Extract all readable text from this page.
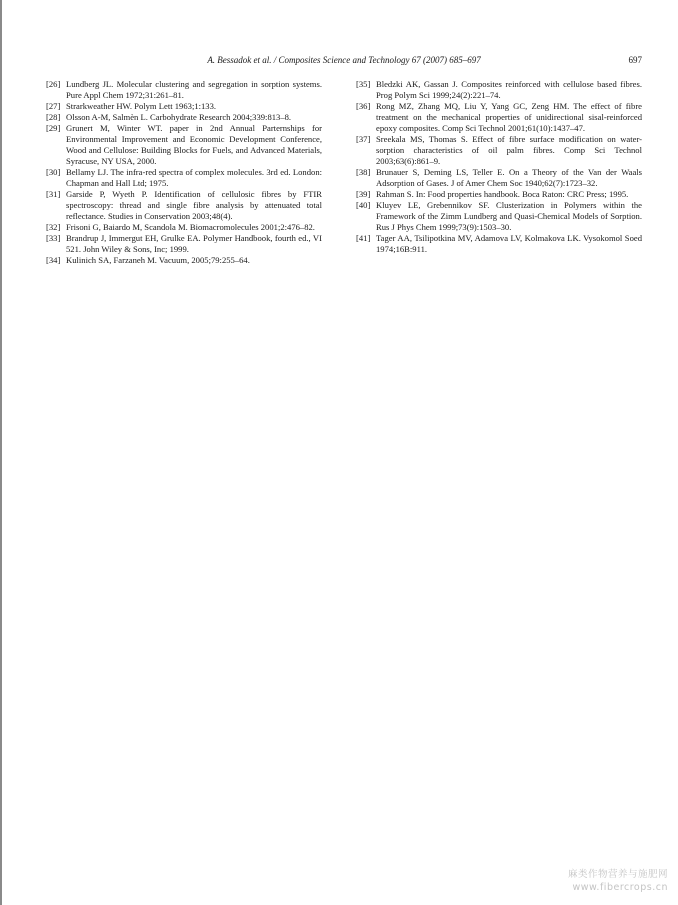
A. Bessadok et al. / Composites Science and Technology 67 (2007) 685–697	697
[26] Lundberg JL. Molecular clustering and segregation in sorption systems. Pure Appl Chem 1972;31:261–81.
[27] Strarkweather HW. Polym Lett 1963;1:133.
[28] Olsson A-M, Salmèn L. Carbohydrate Research 2004;339:813–8.
[29] Grunert M, Winter WT. paper in 2nd Annual Parternships for Environmental Improvement and Economic Development Conference, Wood and Cellulose: Building Blocks for Fuels, and Advanced Materials, Syracuse, NY USA, 2000.
[30] Bellamy LJ. The infra-red spectra of complex molecules. 3rd ed. London: Chapman and Hall Ltd; 1975.
[31] Garside P, Wyeth P. Identification of cellulosic fibres by FTIR spectroscopy: thread and single fibre analysis by attenuated total reflectance. Studies in Conservation 2003;48(4).
[32] Frisoni G, Baiardo M, Scandola M. Biomacromolecules 2001;2:476–82.
[33] Brandrup J, Immergut EH, Grulke EA. Polymer Handbook, fourth ed., VI 521. John Wiley & Sons, Inc; 1999.
[34] Kulinich SA, Farzaneh M. Vacuum, 2005;79:255–64.
[35] Bledzki AK, Gassan J. Composites reinforced with cellulose based fibres. Prog Polym Sci 1999;24(2):221–74.
[36] Rong MZ, Zhang MQ, Liu Y, Yang GC, Zeng HM. The effect of fibre treatment on the mechanical properties of unidirectional sisal-reinforced epoxy composites. Comp Sci Technol 2001;61(10):1437–47.
[37] Sreekala MS, Thomas S. Effect of fibre surface modification on water-sorption characteristics of oil palm fibres. Comp Sci Technol 2003;63(6):861–9.
[38] Brunauer S, Deming LS, Teller E. On a Theory of the Van der Waals Adsorption of Gases. J of Amer Chem Soc 1940;62(7):1723–32.
[39] Rahman S. In: Food properties handbook. Boca Raton: CRC Press; 1995.
[40] Kluyev LE, Grebennikov SF. Clusterization in Polymers within the Framework of the Zimm Lundberg and Quasi-Chemical Models of Sorption. Rus J Phys Chem 1999;73(9):1503–30.
[41] Tager AA, Tsilipotkina MV, Adamova LV, Kolmakova LK. Vysokomol Soed 1974;16B:911.
麻类作物营养与施肥网
www.fibercrops.cn
